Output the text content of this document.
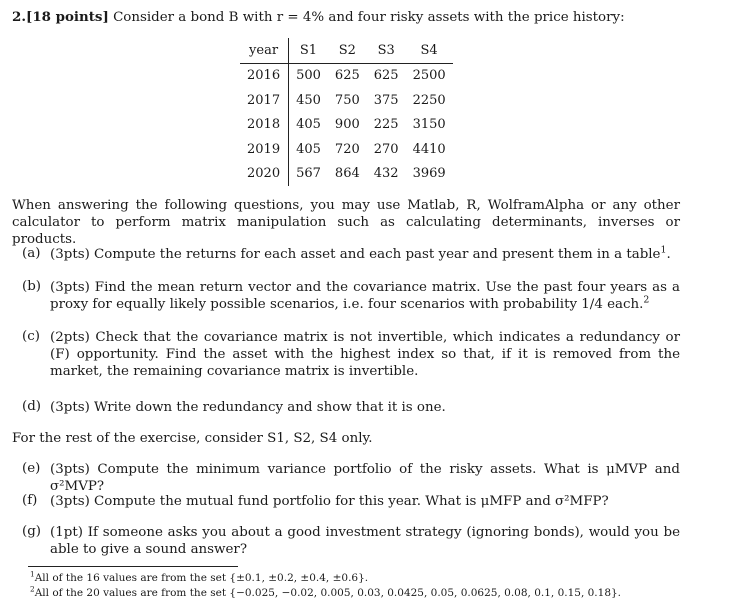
2.[18 points] Consider a bond B with r = 4% and four risky assets with the price history:
year	S1	S2	S3	S4
2016	500	625	625	2500
2017	450	750	375	2250
2018	405	900	225	3150
2019	405	720	270	4410
2020	567	864	432	3969
When answering the following questions, you may use Matlab, R, WolframAlpha or any other calculator to perform matrix manipulation such as calculating determinants, inverses or products.
(a) (3pts) Compute the returns for each asset and each past year and present them in a table$^1$.
(b) (3pts) Find the mean return vector and the covariance matrix. Use the past four years as a proxy for equally likely possible scenarios, i.e. four scenarios with probability 1/4 each.$^2$
(c) (2pts) Check that the covariance matrix is not invertible, which indicates a redundancy or (F) opportunity. Find the asset with the highest index so that, if it is removed from the market, the remaining covariance matrix is invertible.
(d) (3pts) Write down the redundancy and show that it is one.
For the rest of the exercise, consider S1, S2, S4 only.
(e) (3pts) Compute the minimum variance portfolio of the risky assets. What is μMVP and σ²MVP?
(f) (3pts) Compute the mutual fund portfolio for this year. What is μMFP and σ²MFP?
(g) (1pt) If someone asks you about a good investment strategy (ignoring bonds), would you be able to give a sound answer?
$^1$All of the 16 values are from the set {±0.1, ±0.2, ±0.4, ±0.6}.
$^2$All of the 20 values are from the set {−0.025, −0.02, 0.005, 0.03, 0.0425, 0.05, 0.0625, 0.08, 0.1, 0.15, 0.18}.
